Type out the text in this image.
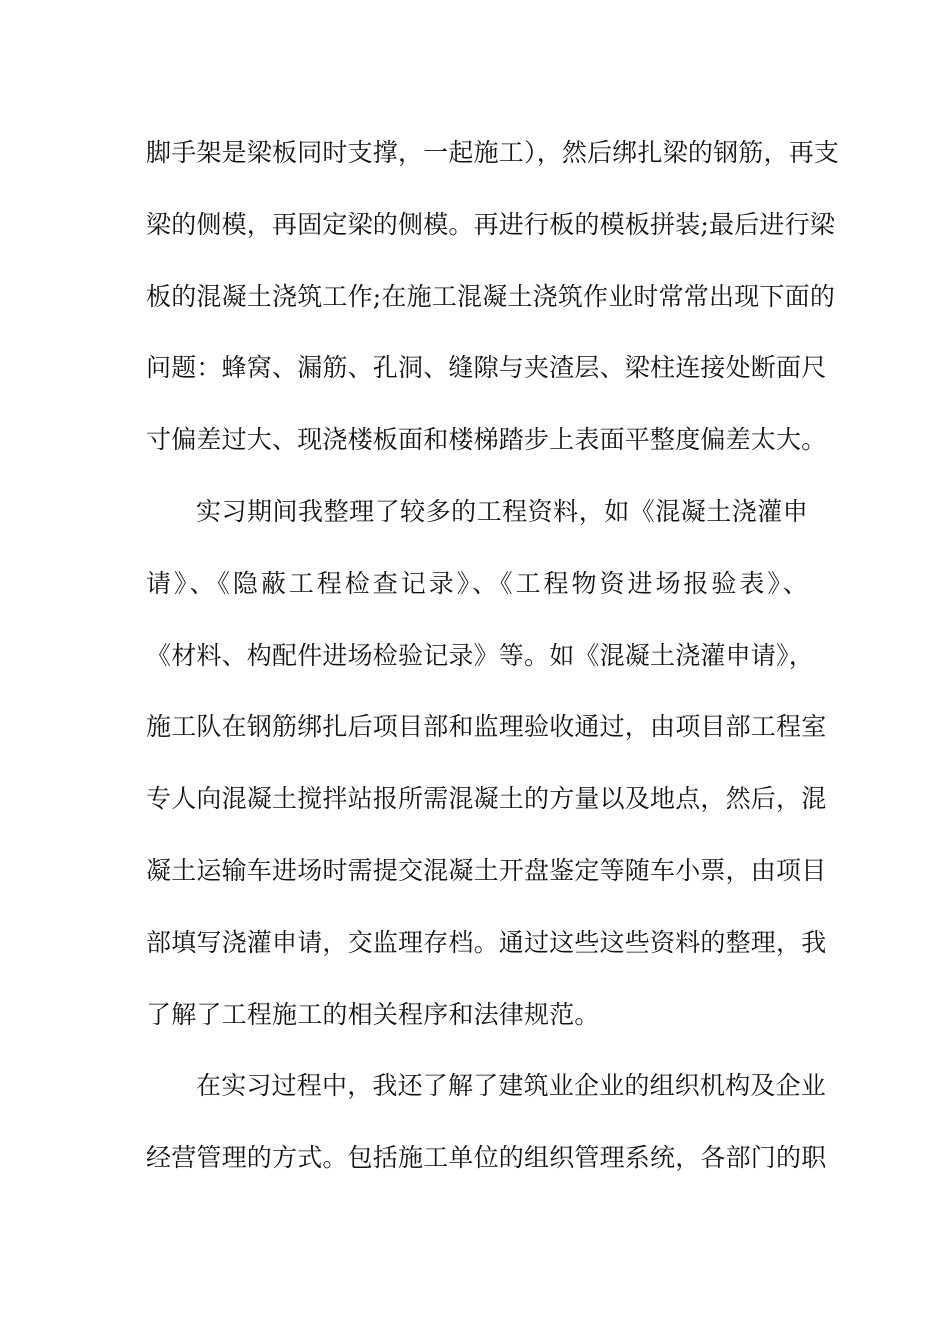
脚手架是梁板同时支撑，一起施工），然后绑扎梁的钢筋，再支
梁的侧模，再固定梁的侧模。再进行板的模板拼装;最后进行梁
板的混凝土浇筑工作;在施工混凝土浇筑作业时常常出现下面的
问题：蜂窝、漏筋、孔洞、缝隙与夹渣层、梁柱连接处断面尺
寸偏差过大、现浇楼板面和楼梯踏步上表面平整度偏差太大。
实习期间我整理了较多的工程资料，如《混凝土浇灌申
请》、《隐蔽工程检查记录》、《工程物资进场报验表》、
《材料、构配件进场检验记录》等。如《混凝土浇灌申请》，
施工队在钢筋绑扎后项目部和监理验收通过，由项目部工程室
专人向混凝土搅拌站报所需混凝土的方量以及地点，然后，混
凝土运输车进场时需提交混凝土开盘鉴定等随车小票，由项目
部填写浇灌申请，交监理存档。通过这些这些资料的整理，我
了解了工程施工的相关程序和法律规范。
在实习过程中，我还了解了建筑业企业的组织机构及企业
经营管理的方式。包括施工单位的组织管理系统，各部门的职
